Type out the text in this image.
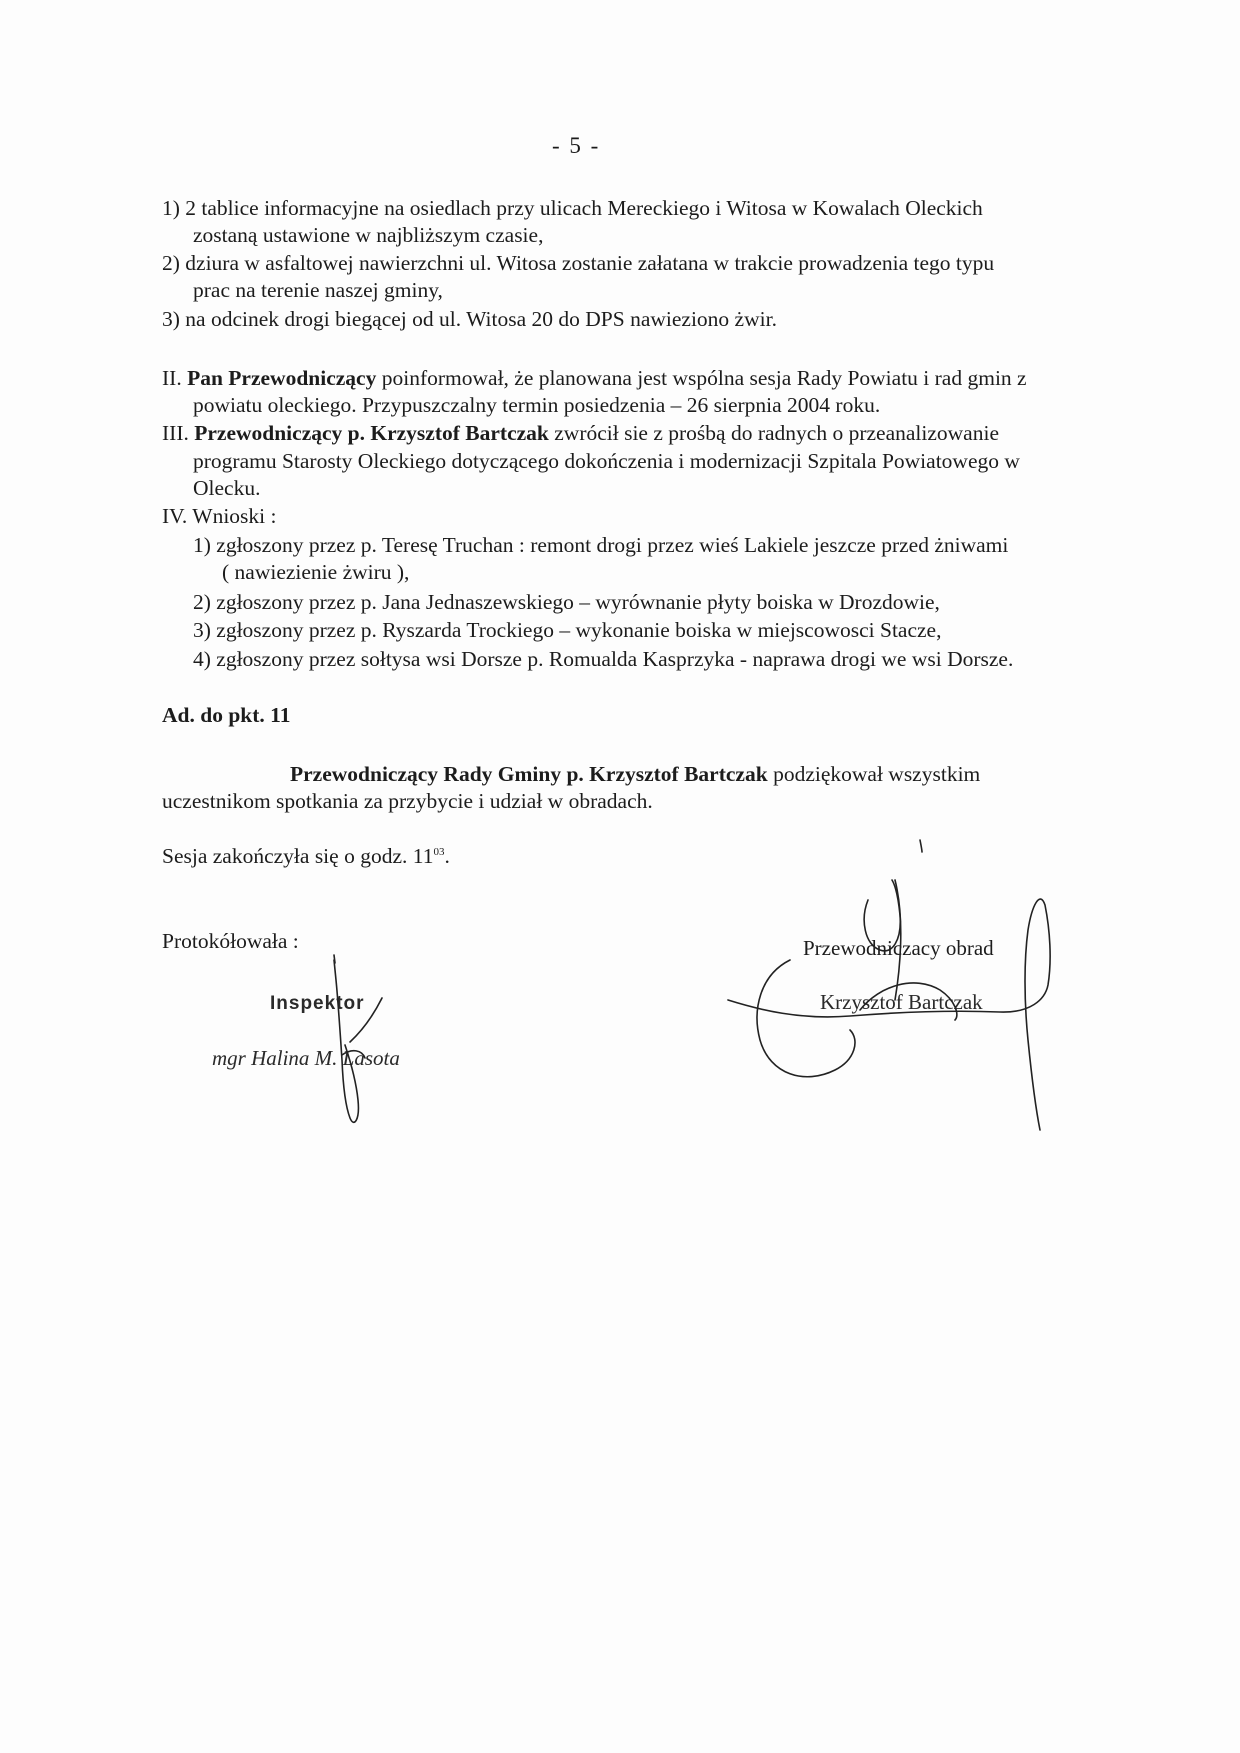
- 5 -
1) 2 tablice informacyjne na osiedlach przy ulicach Mereckiego i Witosa w Kowalach Oleckich
zostaną ustawione w najbliższym czasie,
2) dziura w asfaltowej nawierzchni ul. Witosa zostanie załatana w trakcie prowadzenia tego typu
prac na terenie naszej gminy,
3) na odcinek drogi biegącej od ul. Witosa 20 do DPS nawieziono żwir.
II. Pan Przewodniczący poinformował, że planowana jest wspólna sesja Rady Powiatu i rad gmin z
powiatu oleckiego. Przypuszczalny termin posiedzenia – 26 sierpnia 2004 roku.
III. Przewodniczący p. Krzysztof Bartczak zwrócił sie z prośbą do radnych o przeanalizowanie
programu Starosty Oleckiego dotyczącego dokończenia i modernizacji Szpitala Powiatowego w
Olecku.
IV. Wnioski :
1) zgłoszony przez p. Teresę Truchan : remont drogi przez wieś Lakiele jeszcze przed żniwami
( nawiezienie żwiru ),
2) zgłoszony przez p. Jana Jednaszewskiego – wyrównanie płyty boiska w Drozdowie,
3) zgłoszony przez p. Ryszarda Trockiego – wykonanie boiska w miejscowosci Stacze,
4) zgłoszony przez sołtysa wsi Dorsze p. Romualda Kasprzyka - naprawa drogi we wsi Dorsze.
Ad. do pkt. 11
Przewodniczący Rady Gminy p. Krzysztof Bartczak podziękował wszystkim
uczestnikom spotkania za przybycie i udział w obradach.
Sesja zakończyła się o godz. $11^{03}$.
Protokółowała :
Inspektor
mgr Halina M. Lasota
Przewodniczacy obrad
Krzysztof Bartczak
